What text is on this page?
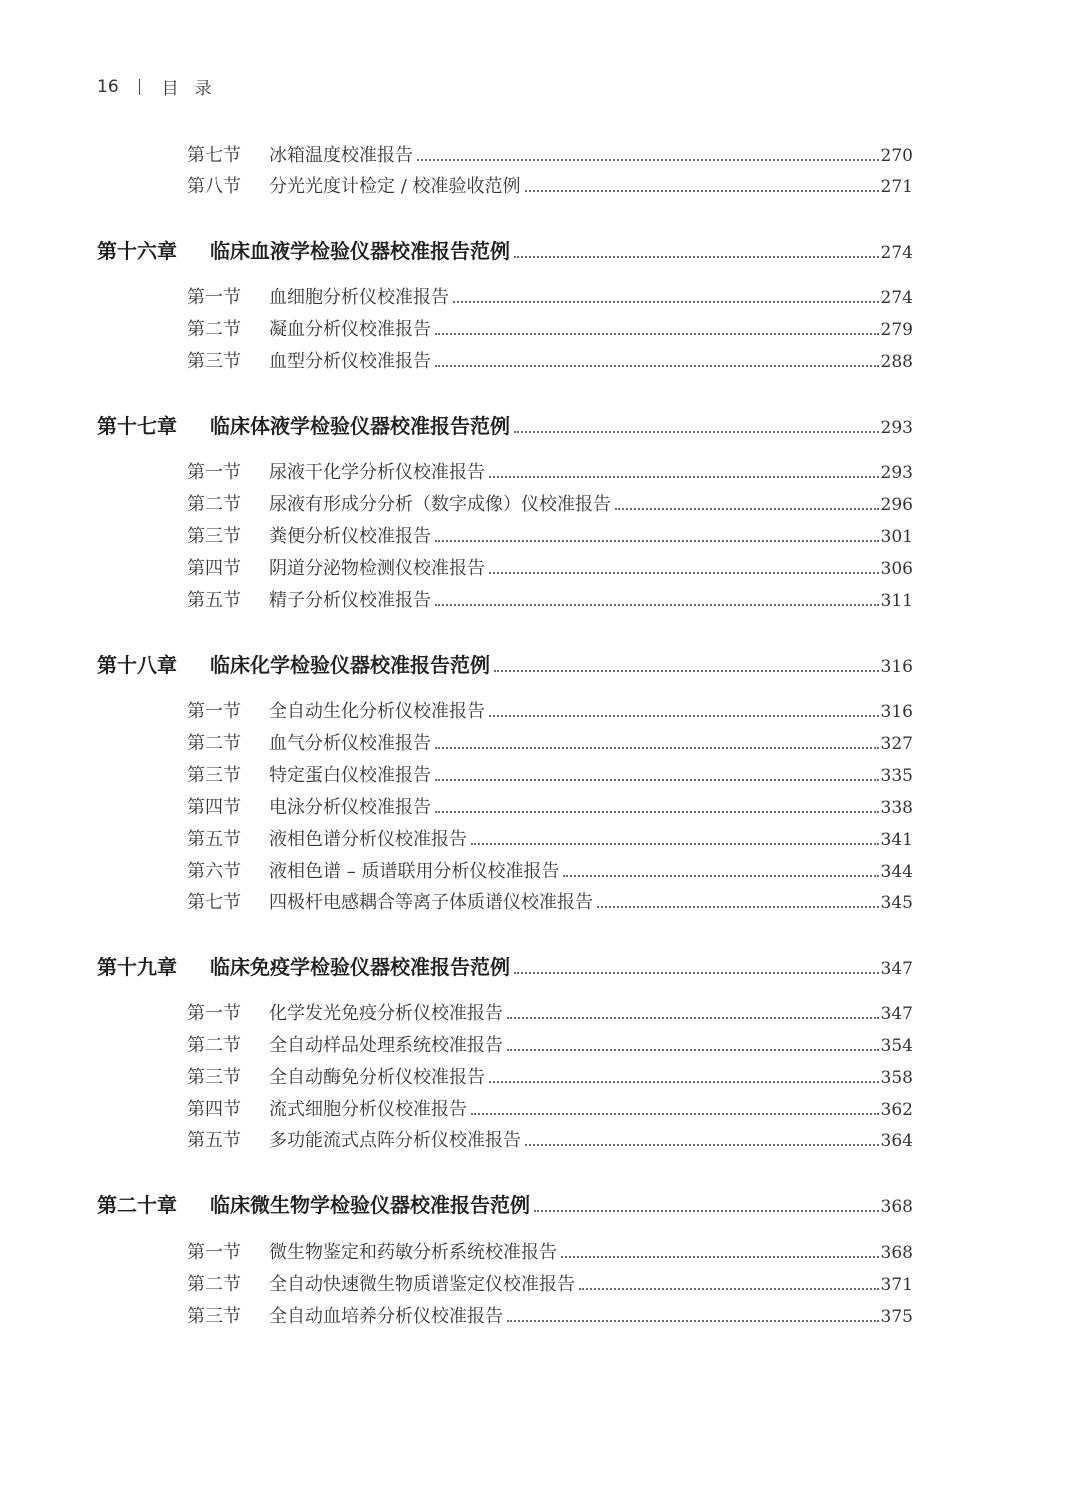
16	目录
第七节	冰箱温度校准报告	270
第八节	分光光度计检定 / 校准验收范例	271
第十六章	临床血液学检验仪器校准报告范例	274
第一节	血细胞分析仪校准报告	274
第二节	凝血分析仪校准报告	279
第三节	血型分析仪校准报告	288
第十七章	临床体液学检验仪器校准报告范例	293
第一节	尿液干化学分析仪校准报告	293
第二节	尿液有形成分分析（数字成像）仪校准报告	296
第三节	粪便分析仪校准报告	301
第四节	阴道分泌物检测仪校准报告	306
第五节	精子分析仪校准报告	311
第十八章	临床化学检验仪器校准报告范例	316
第一节	全自动生化分析仪校准报告	316
第二节	血气分析仪校准报告	327
第三节	特定蛋白仪校准报告	335
第四节	电泳分析仪校准报告	338
第五节	液相色谱分析仪校准报告	341
第六节	液相色谱 – 质谱联用分析仪校准报告	344
第七节	四极杆电感耦合等离子体质谱仪校准报告	345
第十九章	临床免疫学检验仪器校准报告范例	347
第一节	化学发光免疫分析仪校准报告	347
第二节	全自动样品处理系统校准报告	354
第三节	全自动酶免分析仪校准报告	358
第四节	流式细胞分析仪校准报告	362
第五节	多功能流式点阵分析仪校准报告	364
第二十章	临床微生物学检验仪器校准报告范例	368
第一节	微生物鉴定和药敏分析系统校准报告	368
第二节	全自动快速微生物质谱鉴定仪校准报告	371
第三节	全自动血培养分析仪校准报告	375
